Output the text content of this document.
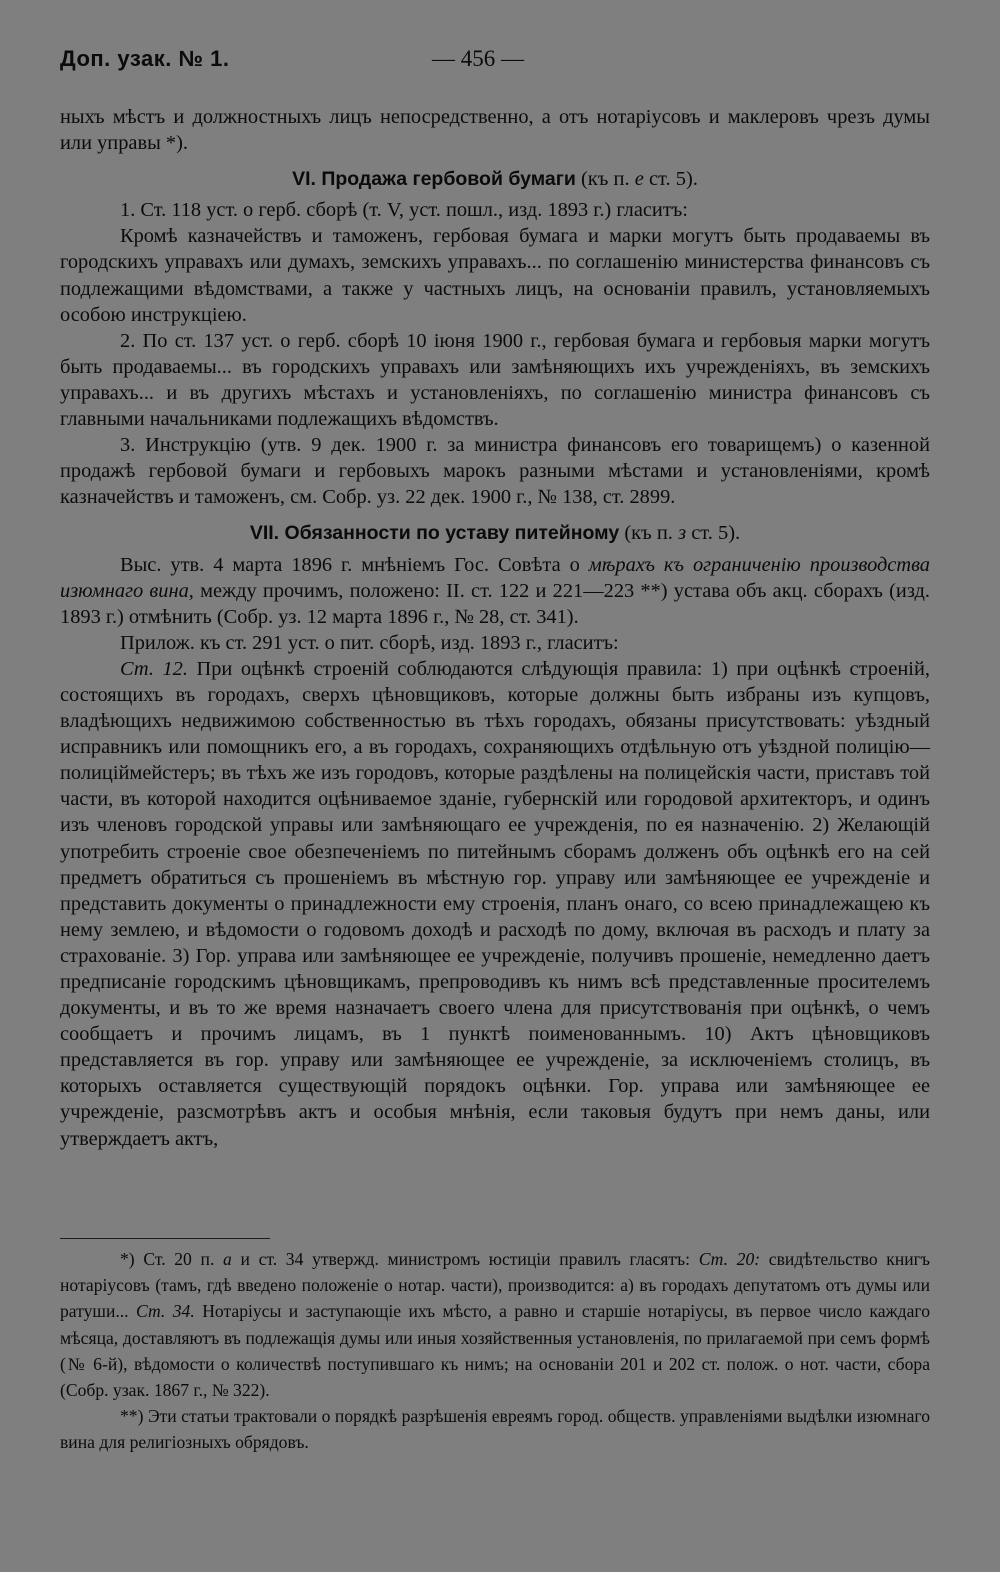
Доп. узак. № 1.	— 456 —

ныхъ мѣстъ и должностныхъ лицъ непосредственно, а отъ нотаріусовъ и маклеровъ чрезъ думы или управы *).

VI. Продажа гербовой бумаги (къ п. е ст. 5).

1. Ст. 118 уст. о герб. сборѣ (т. V, уст. пошл., изд. 1893 г.) гласитъ:

Кромѣ казначействъ и таможенъ, гербовая бумага и марки могутъ быть продаваемы въ городскихъ управахъ или думахъ, земскихъ управахъ... по соглашенію министерства финансовъ съ подлежащими вѣдомствами, а также у частныхъ лицъ, на основаніи правилъ, установляемыхъ особою инструкціею.

2. По ст. 137 уст. о герб. сборѣ 10 іюня 1900 г., гербовая бумага и гербовыя марки могутъ быть продаваемы... въ городскихъ управахъ или замѣняющихъ ихъ учрежденіяхъ, въ земскихъ управахъ... и въ другихъ мѣстахъ и установленіяхъ, по соглашенію министра финансовъ съ главными начальниками подлежащихъ вѣдомствъ.

3. Инструкцію (утв. 9 дек. 1900 г. за министра финансовъ его товарищемъ) о казенной продажѣ гербовой бумаги и гербовыхъ марокъ разными мѣстами и установленіями, кромѣ казначействъ и таможенъ, см. Собр. уз. 22 дек. 1900 г., № 138, ст. 2899.

VII. Обязанности по уставу питейному (къ п. з ст. 5).

Выс. утв. 4 марта 1896 г. мнѣніемъ Гос. Совѣта о мѣрахъ къ ограниченію производства изюмнаго вина, между прочимъ, положено: II. ст. 122 и 221—223 **) устава объ акц. сборахъ (изд. 1893 г.) отмѣнить (Собр. уз. 12 марта 1896 г., № 28, ст. 341).

Прилож. къ ст. 291 уст. о пит. сборѣ, изд. 1893 г., гласитъ:

Ст. 12. При оцѣнкѣ строеній соблюдаются слѣдующія правила: 1) при оцѣнкѣ строеній, состоящихъ въ городахъ, сверхъ цѣновщиковъ, которые должны быть избраны изъ купцовъ, владѣющихъ недвижимою собственностью въ тѣхъ городахъ, обязаны присутствовать: уѣздный исправникъ или помощникъ его, а въ городахъ, сохраняющихъ отдѣльную отъ уѣздной полицію—полицiймейстеръ; въ тѣхъ же изъ городовъ, которые раздѣлены на полицейскія части, приставъ той части, въ которой находится оцѣниваемое зданіе, губернскій или городовой архитекторъ, и одинъ изъ членовъ городской управы или замѣняющаго ее учрежденія, по ея назначенію. 2) Желающій употребить строеніе свое обезпеченіемъ по питейнымъ сборамъ долженъ объ оцѣнкѣ его на сей предметъ обратиться съ прошеніемъ въ мѣстную гор. управу или замѣняющее ее учрежденіе и представить документы о принадлежности ему строенія, планъ онаго, со всею принадлежащею къ нему землею, и вѣдомости о годовомъ доходѣ и расходѣ по дому, включая въ расходъ и плату за страхованіе. 3) Гор. управа или замѣняющее ее учрежденіе, получивъ прошеніе, немедленно даетъ предписаніе городскимъ цѣновщикамъ, препроводивъ къ нимъ всѣ представленные просителемъ документы, и въ то же время назначаетъ своего члена для присутствованія при оцѣнкѣ, о чемъ сообщаетъ и прочимъ лицамъ, въ 1 пунктѣ поименованнымъ. 10) Актъ цѣновщиковъ представляется въ гор. управу или замѣняющее ее учрежденіе, за исключеніемъ столицъ, въ которыхъ оставляется существующій порядокъ оцѣнки. Гор. управа или замѣняющее ее учрежденіе, разсмотрѣвъ актъ и особыя мнѣнія, если таковыя будутъ при немъ даны, или утверждаетъ актъ,

*) Ст. 20 п. а и ст. 34 утвержд. министромъ юстиціи правилъ гласятъ: Ст. 20: свидѣтельство книгъ нотаріусовъ (тамъ, гдѣ введено положеніе о нотар. части), производится: а) въ городахъ депутатомъ отъ думы или ратуши... Ст. 34. Нотаріусы и заступающіе ихъ мѣсто, а равно и старшіе нотаріусы, въ первое число каждаго мѣсяца, доставляютъ въ подлежащія думы или иныя хозяйственныя установленія, по прилагаемой при семъ формѣ (№ 6-й), вѣдомости о количествѣ поступившаго къ нимъ; на основаніи 201 и 202 ст. полож. о нот. части, сбора (Собр. узак. 1867 г., № 322).

**) Эти статьи трактовали о порядкѣ разрѣшенія евреямъ город. обществ. управленіями выдѣлки изюмнаго вина для религіозныхъ обрядовъ.
